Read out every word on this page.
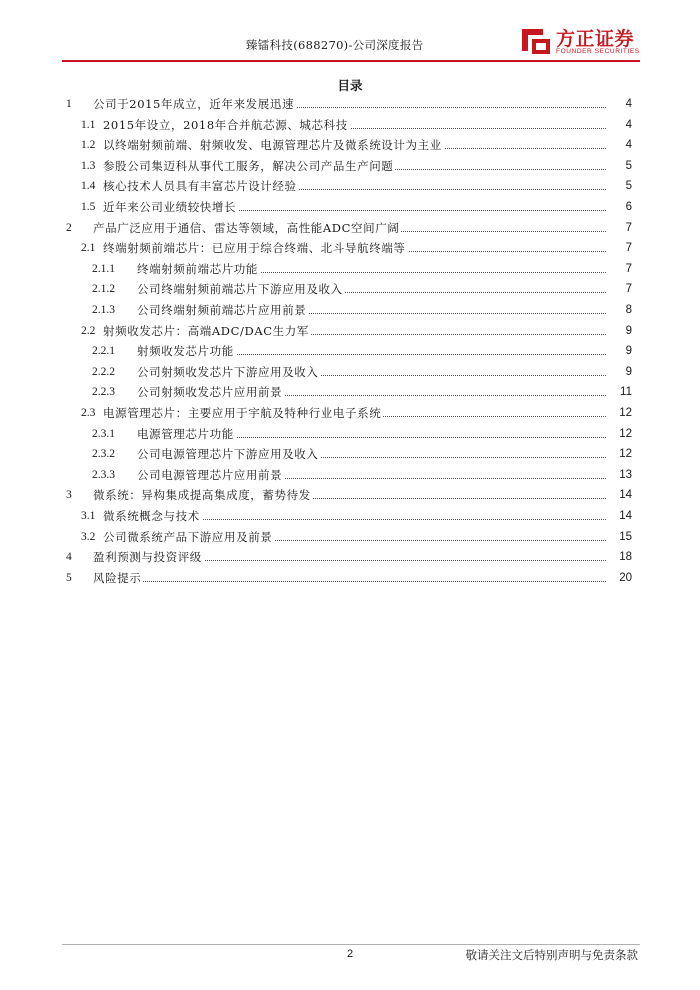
臻镭科技(688270)-公司深度报告	方正证券
FOUNDER SECURITIES
目录
1 公司于2015年成立，近年来发展迅速	4
1.1 2015年设立，2018年合并航芯源、城芯科技	4
1.2 以终端射频前端、射频收发、电源管理芯片及微系统设计为主业	4
1.3 参股公司集迈科从事代工服务，解决公司产品生产问题	5
1.4 核心技术人员具有丰富芯片设计经验	5
1.5 近年来公司业绩较快增长	6
2 产品广泛应用于通信、雷达等领域，高性能ADC空间广阔	7
2.1 终端射频前端芯片：已应用于综合终端、北斗导航终端等	7
2.1.1 终端射频前端芯片功能	7
2.1.2 公司终端射频前端芯片下游应用及收入	7
2.1.3 公司终端射频前端芯片应用前景	8
2.2 射频收发芯片：高端ADC/DAC生力军	9
2.2.1 射频收发芯片功能	9
2.2.2 公司射频收发芯片下游应用及收入	9
2.2.3 公司射频收发芯片应用前景	11
2.3 电源管理芯片：主要应用于宇航及特种行业电子系统	12
2.3.1 电源管理芯片功能	12
2.3.2 公司电源管理芯片下游应用及收入	12
2.3.3 公司电源管理芯片应用前景	13
3 微系统：异构集成提高集成度，蓄势待发	14
3.1 微系统概念与技术	14
3.2 公司微系统产品下游应用及前景	15
4 盈利预测与投资评级	18
5 风险提示	20
2	敬请关注文后特别声明与免责条款
